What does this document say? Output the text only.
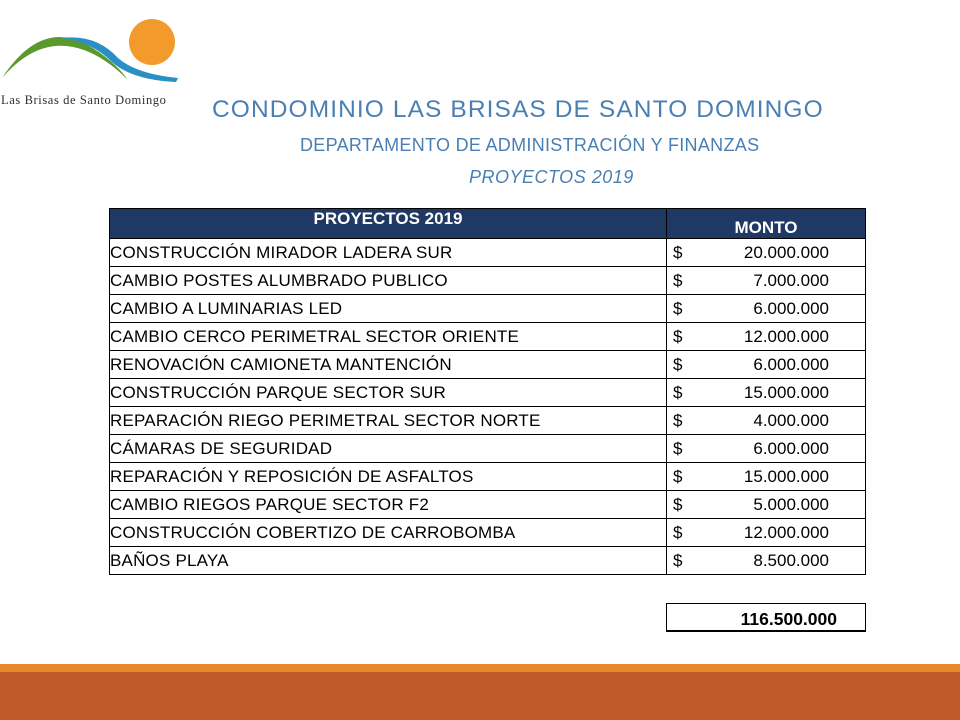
Las Brisas de Santo Domingo	CONDOMINIO LAS BRISAS DE SANTO DOMINGO
DEPARTAMENTO DE ADMINISTRACIÓN Y FINANZAS
PROYECTOS 2019
PROYECTOS 2019	MONTO
CONSTRUCCIÓN MIRADOR LADERA SUR	$ 20.000.000

CAMBIO POSTES ALUMBRADO PUBLICO	$ 7.000.000

CAMBIO A LUMINARIAS LED	$ 6.000.000

CAMBIO CERCO PERIMETRAL SECTOR ORIENTE	$ 12.000.000

RENOVACIÓN CAMIONETA MANTENCIÓN	$ 6.000.000

CONSTRUCCIÓN PARQUE SECTOR SUR	$ 15.000.000

REPARACIÓN RIEGO PERIMETRAL SECTOR NORTE	$ 4.000.000

CÁMARAS DE SEGURIDAD	$ 6.000.000

REPARACIÓN Y REPOSICIÓN DE ASFALTOS	$ 15.000.000

CAMBIO RIEGOS PARQUE SECTOR F2	$ 5.000.000

CONSTRUCCIÓN COBERTIZO DE CARROBOMBA	$ 12.000.000

BAÑOS PLAYA	$ 8.500.000
116.500.000
